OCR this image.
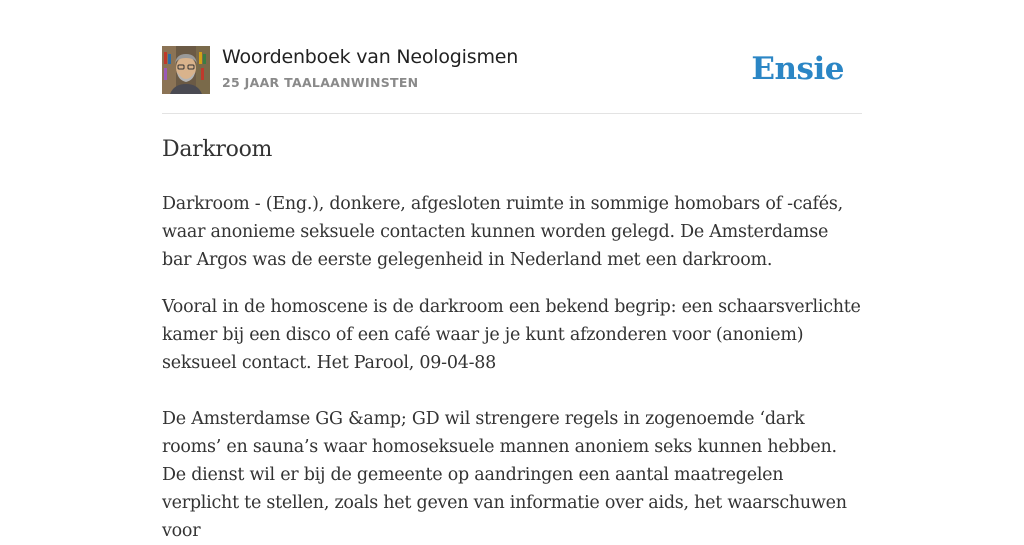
Woordenboek van Neologismen
25 JAAR TAALAANWINSTEN	Ensie
Darkroom

Darkroom - (Eng.), donkere, afgesloten ruimte in sommige homobars of -cafés, waar anonieme seksuele contacten kunnen worden gelegd. De Amsterdamse bar Argos was de eerste gelegenheid in Nederland met een darkroom.

Vooral in de homoscene is de darkroom een bekend begrip: een schaarsverlichte kamer bij een disco of een café waar je je kunt afzonderen voor (anoniem) seksueel contact. Het Parool, 09-04-88

De Amsterdamse GG &amp; GD wil strengere regels in zogenoemde ‘dark rooms’ en sauna’s waar homoseksuele mannen anoniem seks kunnen hebben. De dienst wil er bij de gemeente op aandringen een aantal maatregelen verplicht te stellen, zoals het geven van informatie over aids, het waarschuwen voor
